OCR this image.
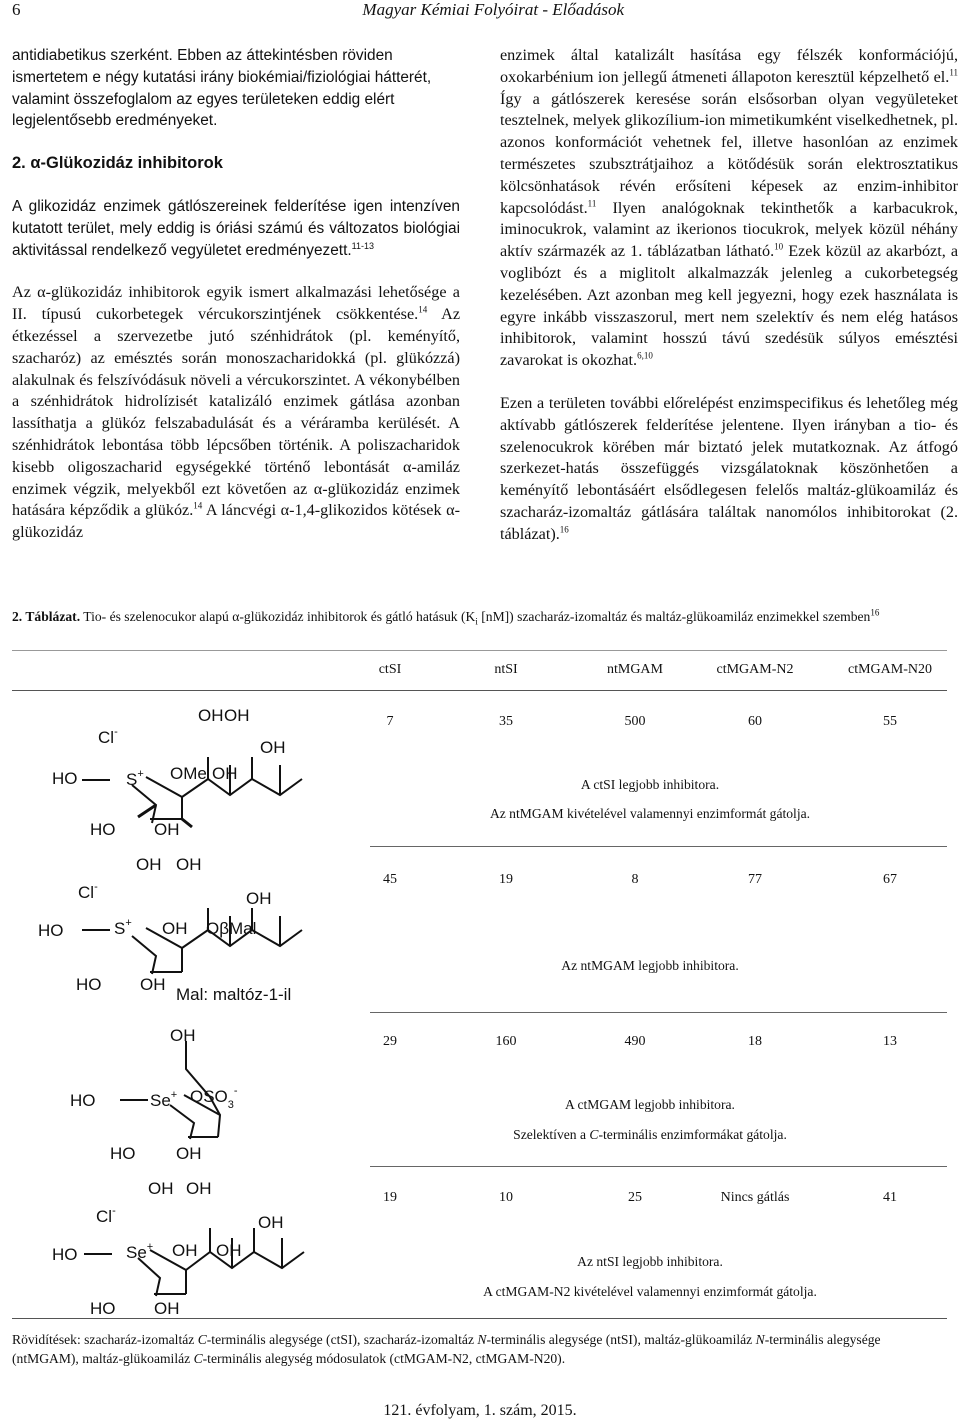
6	Magyar Kémiai Folyóirat - Előadások

antidiabetikus szerként. Ebben az áttekintésben röviden ismertetem e négy kutatási irány biokémiai/fiziológiai hátterét, valamint összefoglalom az egyes területeken eddig elért legjelentősebb eredményeket.

2. α-Glükozidáz inhibitorok

A glikozidáz enzimek gátlószereinek felderítése igen intenzíven kutatott terület, mely eddig is óriási számú és változatos biológiai aktivitással rendelkező vegyületet eredményezett.$^{11-13}$

Az α-glükozidáz inhibitorok egyik ismert alkalmazási lehetősége a II. típusú cukorbetegek vércukorszintjének csökkentése.$^{14}$ Az étkezéssel a szervezetbe jutó szénhidrátok (pl. keményítő, szacharóz) az emésztés során monoszacharidokká (pl. glükózzá) alakulnak és felszívódásuk növeli a vércukorszintet. A vékonybélben a szénhidrátok hidrolízisét katalizáló enzimek gátlása azonban lassíthatja a glükóz felszabadulását és a véráramba kerülését. A szénhidrátok lebontása több lépcsőben történik. A poliszacharidok kisebb oligoszacharid egységekké történő lebontását α-amiláz enzimek végzik, melyekből ezt követően az α-glükozidáz enzimek hatására képződik a glükóz.$^{14}$ A láncvégi α-1,4-glikozidos kötések α-glükozidáz

enzimek által katalizált hasítása egy félszék konformációjú, oxokarbénium ion jellegű átmeneti állapoton keresztül képzelhető el.$^{11}$ Így a gátlószerek keresése során elsősorban olyan vegyületeket tesztelnek, melyek glikozílium-ion mimetikumként viselkedhetnek, pl. azonos konformációt vehetnek fel, illetve hasonlóan az enzimek természetes szubsztrátjaihoz a kötődésük során elektrosztatikus kölcsönhatások révén erősíteni képesek az enzim-inhibitor kapcsolódást.$^{11}$ Ilyen analógoknak tekinthetők a karbacukrok, iminocukrok, valamint az ikerionos tiocukrok, melyek közül néhány aktív származék az 1. táblázatban látható.$^{10}$ Ezek közül az akarbózt, a voglibózt és a miglitolt alkalmazzák jelenleg a cukorbetegség kezelésében. Azt azonban meg kell jegyezni, hogy ezek használata is egyre inkább visszaszorul, mert nem szelektív és nem elég hatásos inhibitorok, valamint hosszú távú szedésük súlyos emésztési zavarokat is okozhat.$^{6,10}$

Ezen a területen további előrelépést enzimspecifikus és lehetőleg még aktívabb gátlószerek felderítése jelentene. Ilyen irányban a tio- és szelenocukrok körében már biztató jelek mutatkoznak. Az átfogó szerkezet-hatás összefüggés vizsgálatoknak köszönhetően a keményítő lebontásáért elsődlegesen felelős maltáz-glükoamiláz és szacharáz-izomaltáz gátlására találtak nanomólos inhibitorokat (2. táblázat).$^{16}$

2. Táblázat. Tio- és szelenocukor alapú α-glükozidáz inhibitorok és gátló hatásuk ($K_i$ [nM]) szacharáz-izomaltáz és maltáz-glükoamiláz enzimekkel szemben$^{16}$
ctSI	ntSI	ntMGAM	ctMGAM-N2	ctMGAM-N20
7	35	500	60	55
A ctSI legjobb inhibitora.
Az ntMGAM kivételével valamennyi enzimformát gátolja.
45	19	8	77	67
Az ntMGAM legjobb inhibitora.
29	160	490	18	13
A ctMGAM legjobb inhibitora.
Szelektíven a C-terminális enzimformákat gátolja.
19	10	25	Nincs gátlás	41
Az ntSI legjobb inhibitora.
A ctMGAM-N2 kivételével valamennyi enzimformát gátolja.
Cl-
OH OH
OH
HO	S+ OMe OH
HO OH
Cl-
OH OH
OH
HO	S+ OH OβMal
HO OH
Mal: maltóz-1-il
OH
HO	Se+ $OSO_3^-$
HO OH
Cl-
OH OH
OH
HO	Se+ OH OH
HO OH
Rövidítések: szacharáz-izomaltáz C-terminális alegysége (ctSI), szacharáz-izomaltáz N-terminális alegysége (ntSI), maltáz-glükoamiláz N-terminális alegysége (ntMGAM), maltáz-glükoamiláz C-terminális alegység módosulatok (ctMGAM-N2, ctMGAM-N20).
121. évfolyam, 1. szám, 2015.
